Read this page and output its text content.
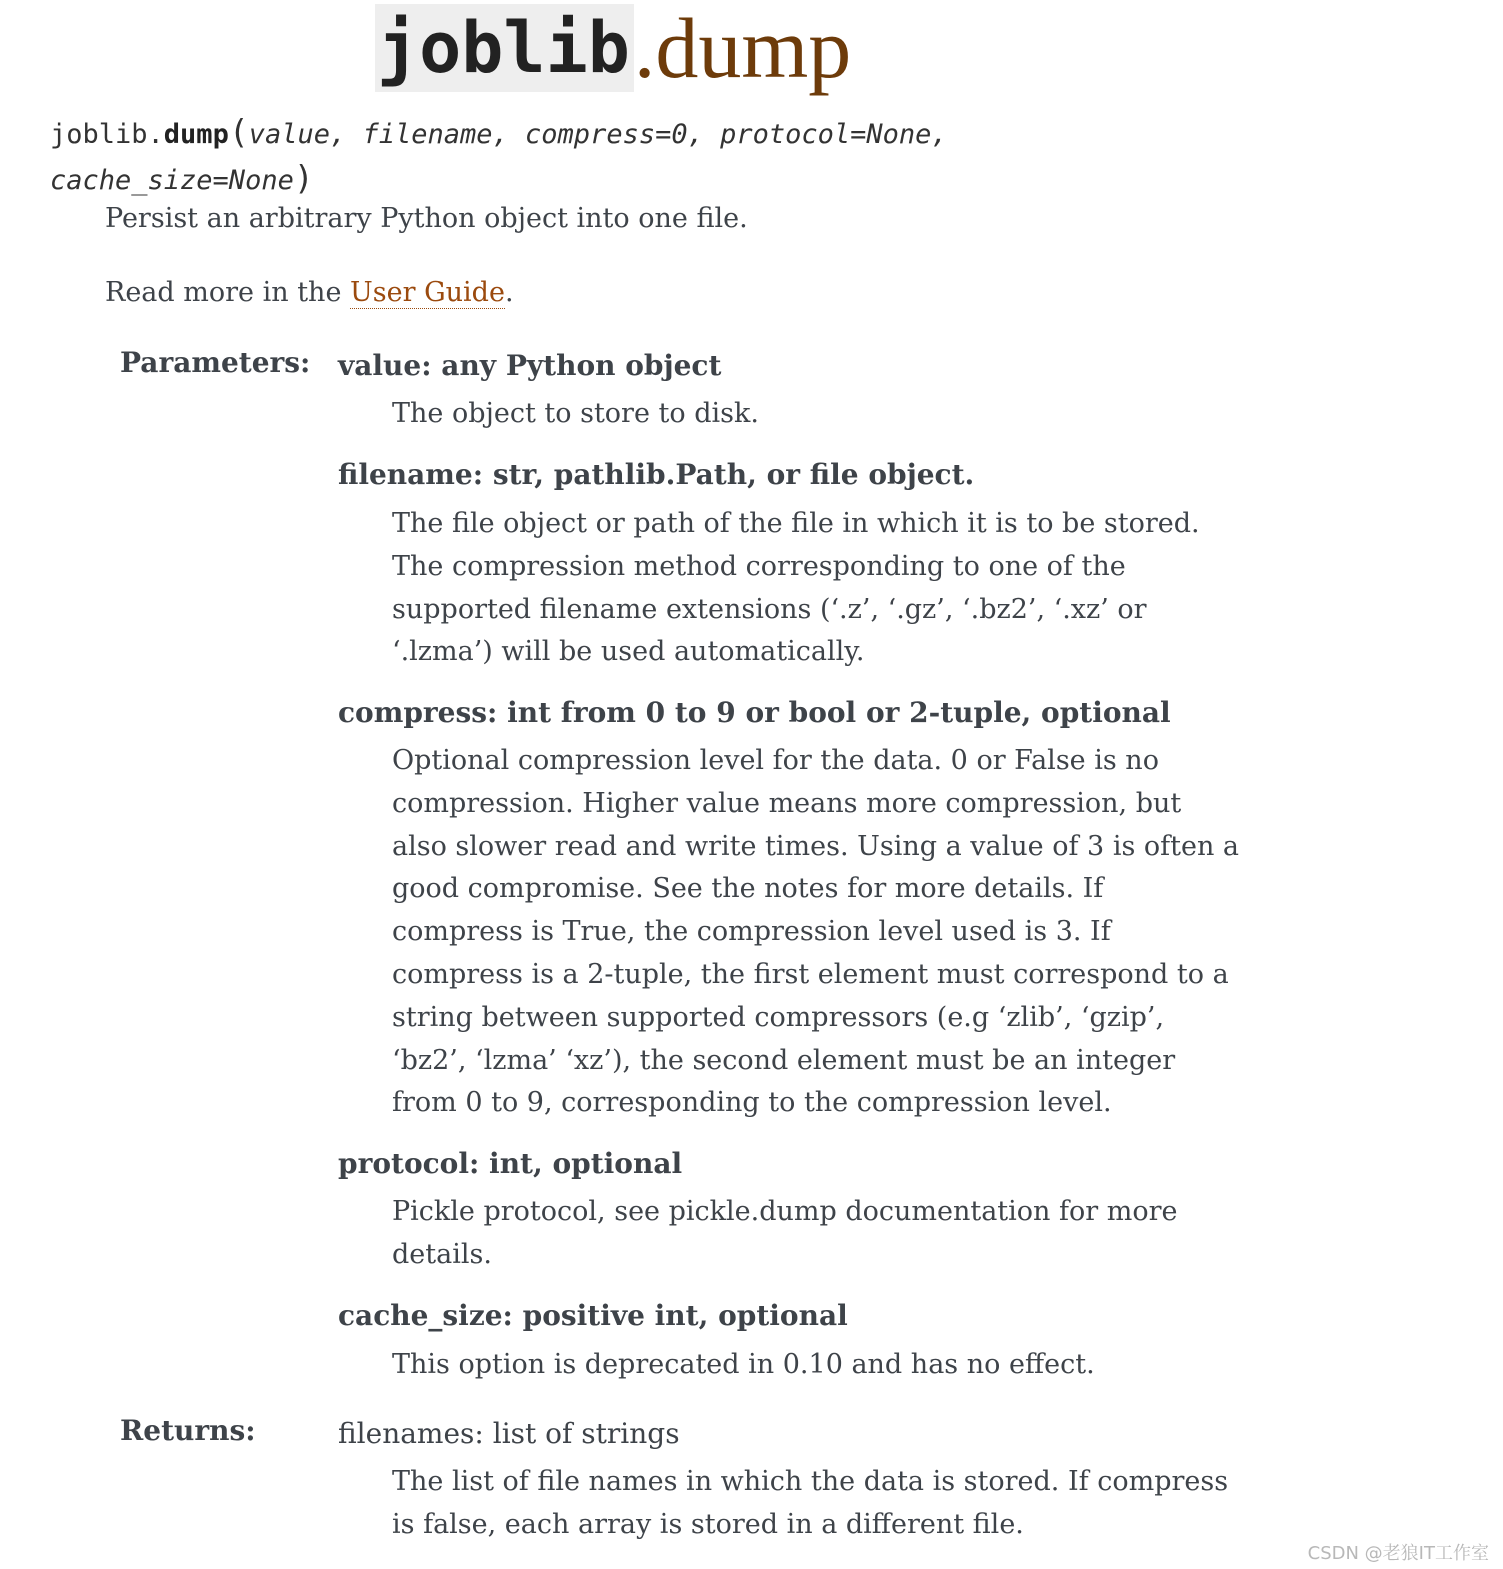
joblib .dump
joblib.dump(value, filename, compress=0, protocol=None,
cache_size=None)
Persist an arbitrary Python object into one file.
Read more in the User Guide.
Parameters: value: any Python object
The object to store to disk.
filename: str, pathlib.Path, or file object.
The file object or path of the file in which it is to be stored. The compression method corresponding to one of the supported filename extensions (‘.z’, ‘.gz’, ‘.bz2’, ‘.xz’ or ‘.lzma’) will be used automatically.
compress: int from 0 to 9 or bool or 2-tuple, optional
Optional compression level for the data. 0 or False is no compression. Higher value means more compression, but also slower read and write times. Using a value of 3 is often a good compromise. See the notes for more details. If compress is True, the compression level used is 3. If compress is a 2-tuple, the first element must correspond to a string between supported compressors (e.g ‘zlib’, ‘gzip’, ‘bz2’, ‘lzma’ ‘xz’), the second element must be an integer from 0 to 9, corresponding to the compression level.
protocol: int, optional
Pickle protocol, see pickle.dump documentation for more details.
cache_size: positive int, optional
This option is deprecated in 0.10 and has no effect.
Returns:	filenames: list of strings
The list of file names in which the data is stored. If compress is false, each array is stored in a different file.
CSDN @老狼IT工作室
